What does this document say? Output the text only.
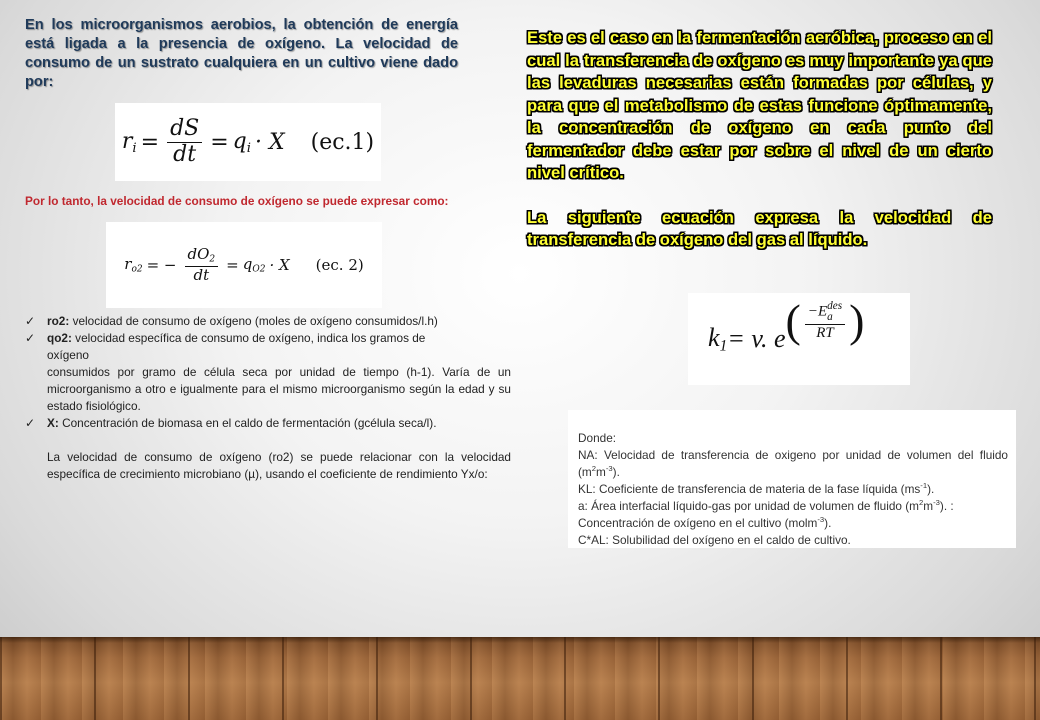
En los microorganismos aerobios, la obtención de energía está ligada a la presencia de oxígeno. La velocidad de consumo de un sustrato cualquiera en un cultivo viene dado por:

$r_i = \frac{dS}{dt} = q_i \cdot X$ (ec.1)

Por lo tanto, la velocidad de consumo de oxígeno se puede expresar como:

$r_{o2}$ = − $\frac{dO_2}{dt} = q_{O2} \cdot X$ (ec. 2)
✓	ro2: velocidad de consumo de oxígeno (moles de oxígeno consumidos/l.h)
✓	qo2: velocidad específica de consumo de oxígeno, indica los gramos de
oxígeno
consumidos por gramo de célula seca por unidad de tiempo (h-1). Varía de un microorganismo a otro e igualmente para el mismo microorganismo según la edad y su estado fisiológico.
✓	X: Concentración de biomasa en el caldo de fermentación (gcélula seca/l).
La velocidad de consumo de oxígeno (ro2) se puede relacionar con la velocidad específica de crecimiento microbiano (µ), usando el coeficiente de rendimiento Yx/o:

Este es el caso en la fermentación aeróbica, proceso en el cual la transferencia de oxígeno es muy importante ya que las levaduras necesarias están formadas por células, y para que el metabolismo de estas funcione óptimamente, la concentración de oxígeno en cada punto del fermentador debe estar por sobre el nivel de un cierto nivel crítico.

La siguiente ecuación expresa la velocidad de transferencia de oxígeno del gas al líquido.

$k_1 = v$. e ( −E des
a
RT )
Donde:
NA: Velocidad de transferencia de oxigeno por unidad de volumen del fluido $(m^2m^{-3})$.
KL: Coeficiente de transferencia de materia de la fase líquida $(ms^{-1})$.
a: Área interfacial líquido-gas por unidad de volumen de fluido $(m^2m^{-3})$. :
Concentración de oxígeno en el cultivo (molm$^{-3}$).
C*AL: Solubilidad del oxígeno en el caldo de cultivo.
